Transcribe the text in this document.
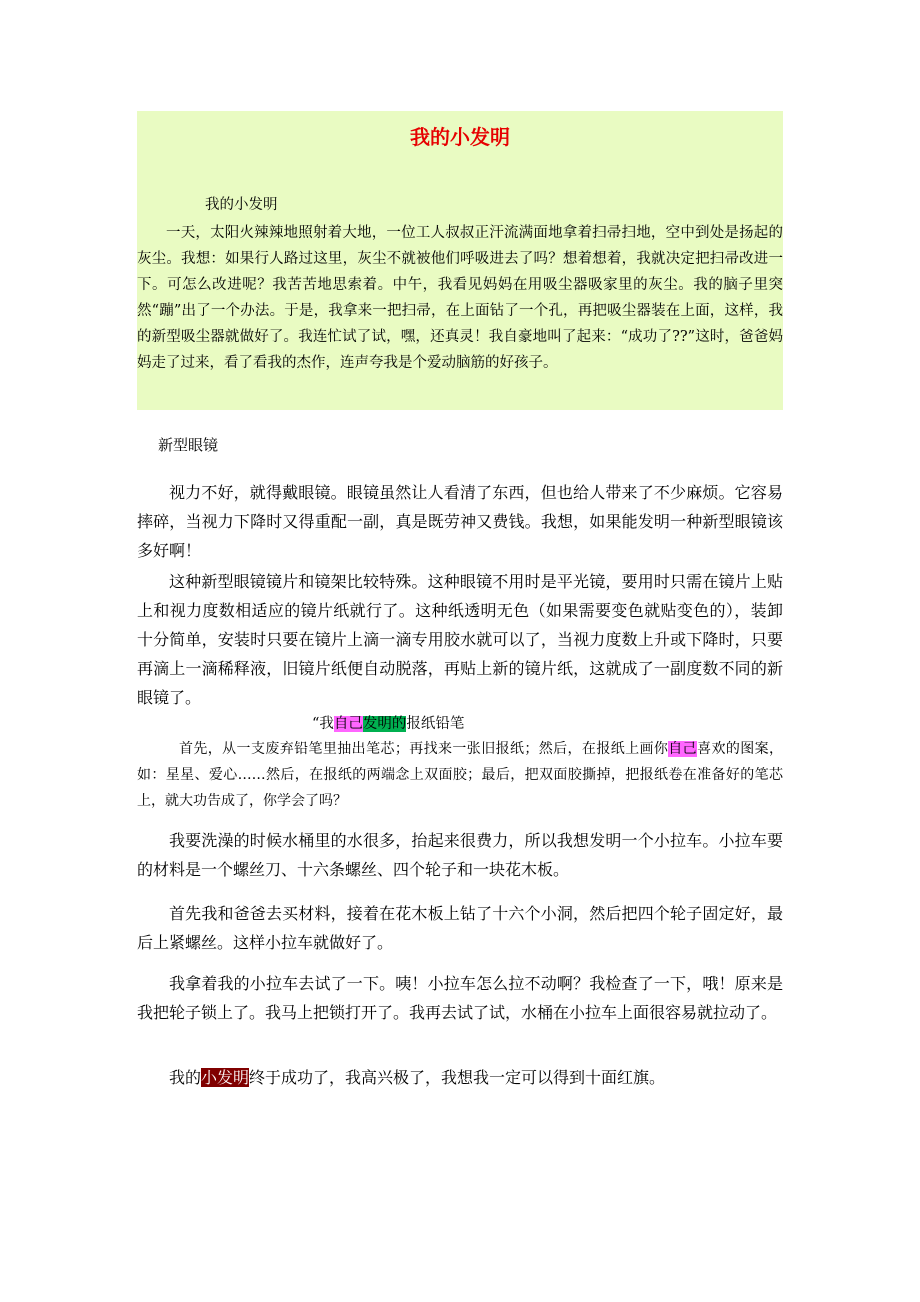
我的小发明
我的小发明

一天，太阳火辣辣地照射着大地，一位工人叔叔正汗流满面地拿着扫帚扫地，空中到处是扬起的灰尘。我想：如果行人路过这里，灰尘不就被他们呼吸进去了吗？想着想着，我就决定把扫帚改进一下。可怎么改进呢？我苦苦地思索着。中午，我看见妈妈在用吸尘器吸家里的灰尘。我的脑子里突然“蹦”出了一个办法。于是，我拿来一把扫帚，在上面钻了一个孔，再把吸尘器装在上面，这样，我的新型吸尘器就做好了。我连忙试了试，嘿，还真灵！我自豪地叫了起来：“成功了??”这时，爸爸妈妈走了过来，看了看我的杰作，连声夸我是个爱动脑筋的好孩子。

新型眼镜

视力不好，就得戴眼镜。眼镜虽然让人看清了东西，但也给人带来了不少麻烦。它容易摔碎，当视力下降时又得重配一副，真是既劳神又费钱。我想，如果能发明一种新型眼镜该多好啊！

这种新型眼镜镜片和镜架比较特殊。这种眼镜不用时是平光镜，要用时只需在镜片上贴上和视力度数相适应的镜片纸就行了。这种纸透明无色（如果需要变色就贴变色的），装卸十分简单，安装时只要在镜片上滴一滴专用胶水就可以了，当视力度数上升或下降时，只要再滴上一滴稀释液，旧镜片纸便自动脱落，再贴上新的镜片纸，这就成了一副度数不同的新眼镜了。

“我自己发明的报纸铅笔

首先，从一支废弃铅笔里抽出笔芯；再找来一张旧报纸；然后，在报纸上画你自己喜欢的图案，如：星星、爱心……然后，在报纸的两端念上双面胶；最后，把双面胶撕掉，把报纸卷在准备好的笔芯上，就大功告成了，你学会了吗？

我要洗澡的时候水桶里的水很多，抬起来很费力，所以我想发明一个小拉车。小拉车要的材料是一个螺丝刀、十六条螺丝、四个轮子和一块花木板。

首先我和爸爸去买材料，接着在花木板上钻了十六个小洞，然后把四个轮子固定好，最后上紧螺丝。这样小拉车就做好了。

我拿着我的小拉车去试了一下。咦！小拉车怎么拉不动啊？我检查了一下，哦！原来是我把轮子锁上了。我马上把锁打开了。我再去试了试，水桶在小拉车上面很容易就拉动了。

我的小发明终于成功了，我高兴极了，我想我一定可以得到十面红旗。
